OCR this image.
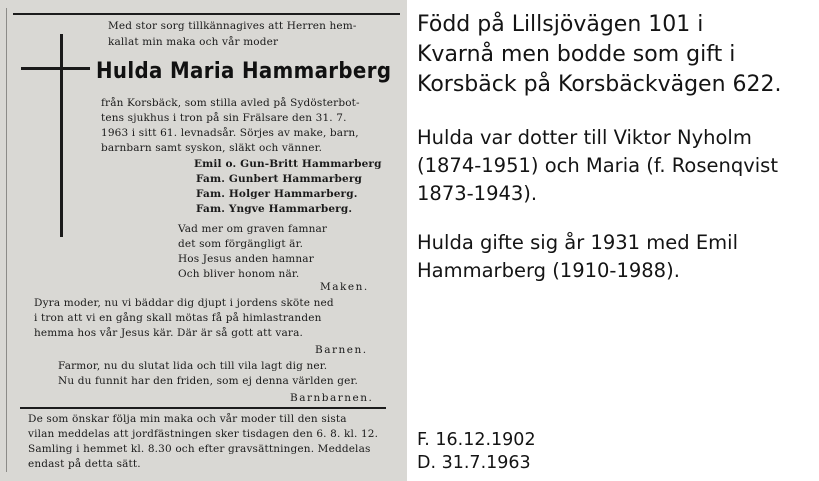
Med stor sorg tillkännagives att Herren hem-

kallat min maka och vår moder

Hulda Maria Hammarberg

från Korsbäck, som stilla avled på Sydösterbot-

tens sjukhus i tron på sin Frälsare den 31. 7.

1963 i sitt 61. levnadsår. Sörjes av make, barn,

barnbarn samt syskon, släkt och vänner.

Emil o. Gun-Britt Hammarberg
Fam. Gunbert Hammarberg
Fam. Holger Hammarberg.
Fam. Yngve Hammarberg.
Vad mer om graven famnar
det som förgängligt är.
Hos Jesus anden hamnar
Och bliver honom när.

Maken.

Dyra moder, nu vi bäddar dig djupt i jordens sköte ned

i tron att vi en gång skall mötas få på himlastranden

hemma hos vår Jesus kär. Där är så gott att vara.

Barnen.

Farmor, nu du slutat lida och till vila lagt dig ner.

Nu du funnit har den friden, som ej denna världen ger.

Barnbarnen.

De som önskar följa min maka och vår moder till den sista

vilan meddelas att jordfästningen sker tisdagen den 6. 8. kl. 12.

Samling i hemmet kl. 8.30 och efter gravsättningen. Meddelas

endast på detta sätt.

Född på Lillsjövägen 101 i

Kvarnå men bodde som gift i

Korsbäck på Korsbäckvägen 622.

Hulda var dotter till Viktor Nyholm

(1874-1951) och Maria (f. Rosenqvist

1873-1943).

Hulda gifte sig år 1931 med Emil

Hammarberg (1910-1988).

F. 16.12.1902

D. 31.7.1963
